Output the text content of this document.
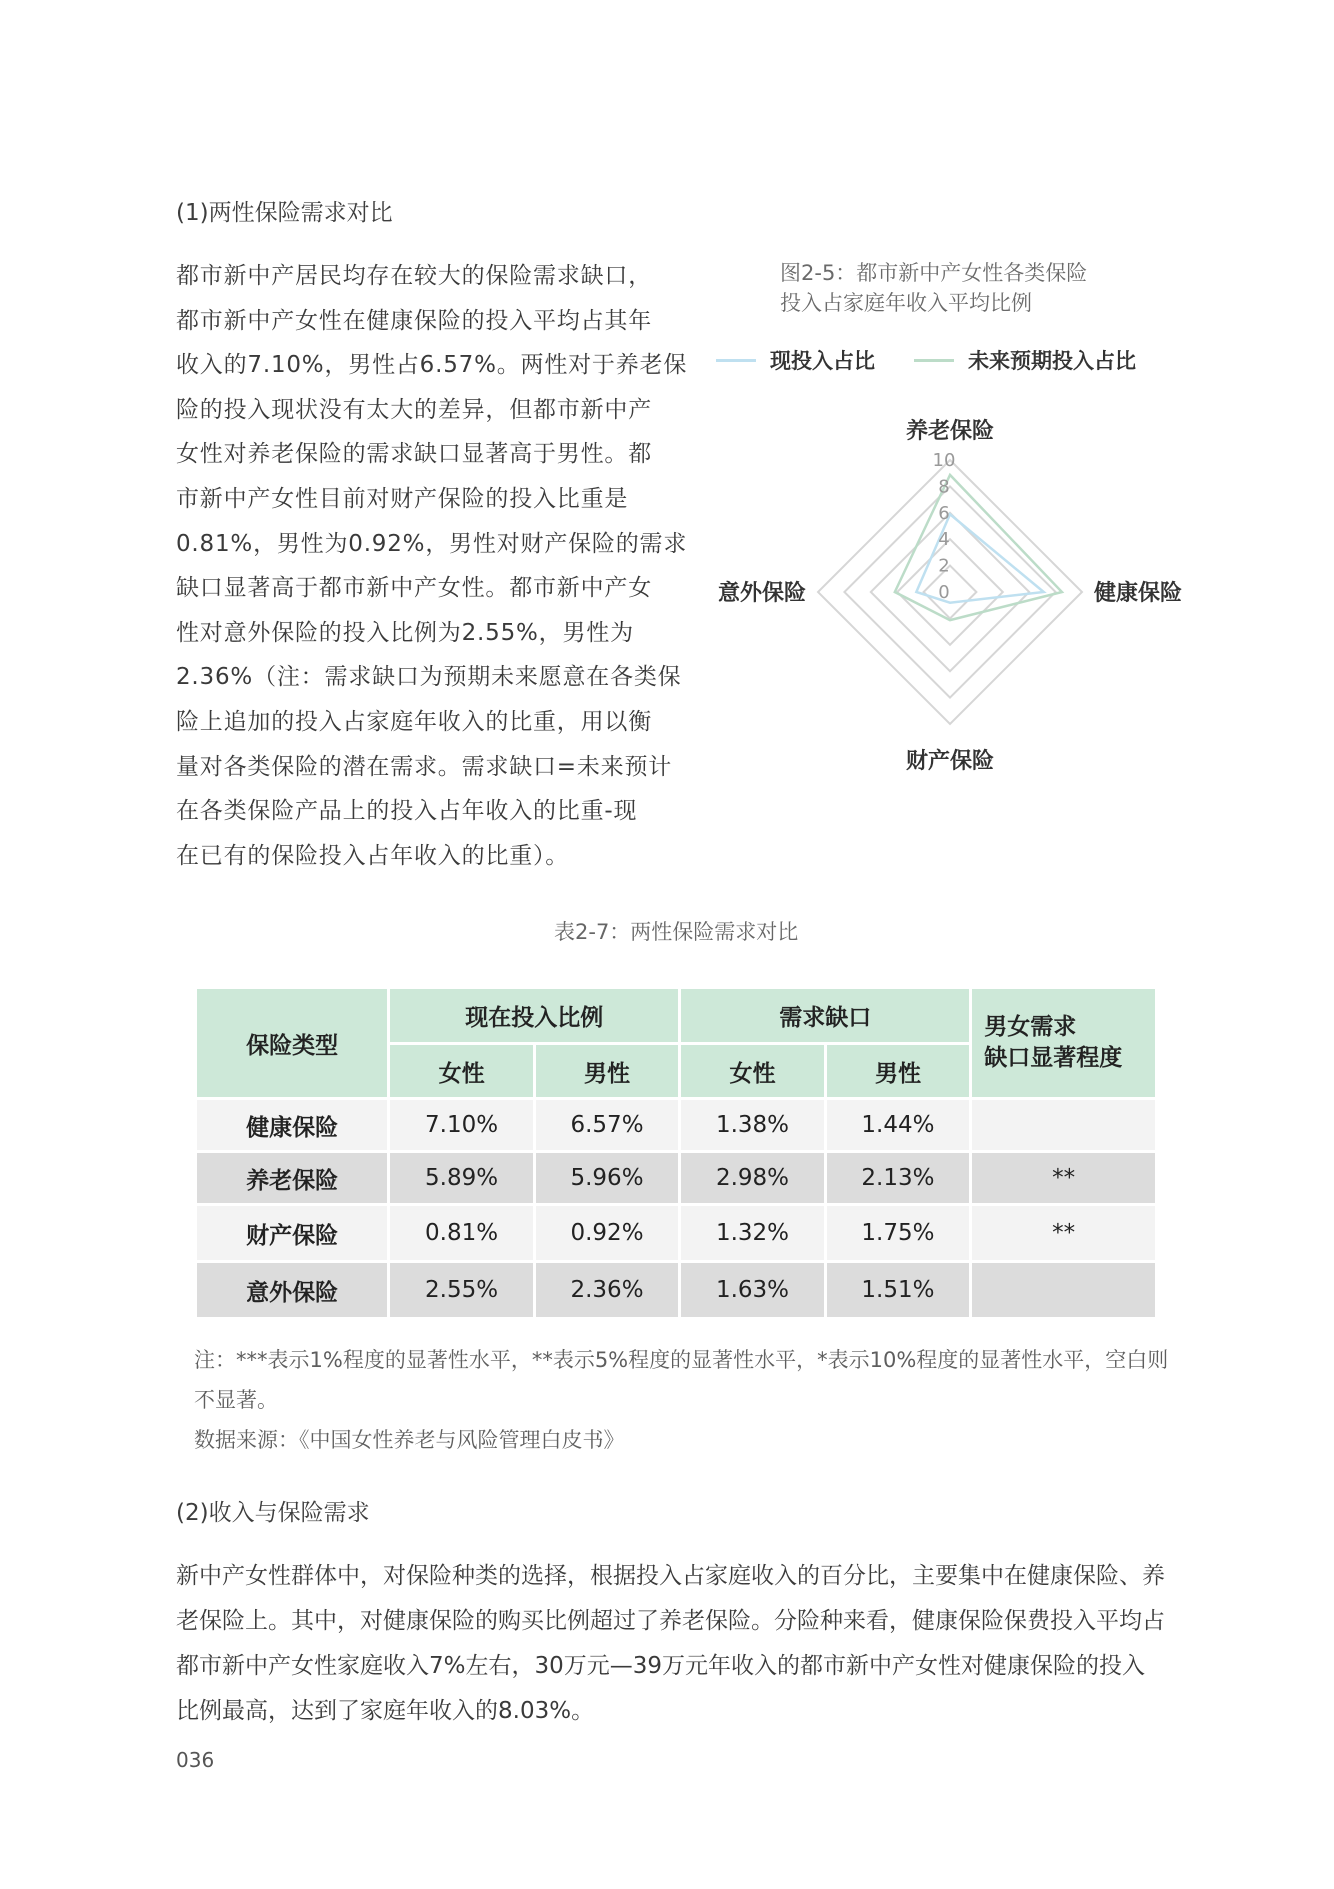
(1)两性保险需求对比
都市新中产居民均存在较大的保险需求缺口，
都市新中产女性在健康保险的投入平均占其年
收入的7.10%，男性占6.57%。两性对于养老保
险的投入现状没有太大的差异，但都市新中产
女性对养老保险的需求缺口显著高于男性。都
市新中产女性目前对财产保险的投入比重是
0.81%，男性为0.92%，男性对财产保险的需求
缺口显著高于都市新中产女性。都市新中产女
性对意外保险的投入比例为2.55%，男性为
2.36%（注：需求缺口为预期未来愿意在各类保
险上追加的投入占家庭年收入的比重，用以衡
量对各类保险的潜在需求。需求缺口=未来预计
在各类保险产品上的投入占年收入的比重-现
在已有的保险投入占年收入的比重）。
图2-5：都市新中产女性各类保险
投入占家庭年收入平均比例
现投入占比	未来预期投入占比
0
2
4
6
8
10
养老保险
健康保险
财产保险
意外保险
表2-7：两性保险需求对比
保险类型	现在投入比例		需求缺口		男女需求
缺口显著程度

	女性	男性	女性	男性	
健康保险	7.10%	6.57%	1.38%	1.44%	
养老保险	5.89%	5.96%	2.98%	2.13%	**
财产保险	0.81%	0.92%	1.32%	1.75%	**
意外保险	2.55%	2.36%	1.63%	1.51%	
注：***表示1%程度的显著性水平，**表示5%程度的显著性水平，*表示10%程度的显著性水平，空白则
不显著。
数据来源：《中国女性养老与风险管理白皮书》
(2)收入与保险需求
新中产女性群体中，对保险种类的选择，根据投入占家庭收入的百分比，主要集中在健康保险、养
老保险上。其中，对健康保险的购买比例超过了养老保险。分险种来看，健康保险保费投入平均占
都市新中产女性家庭收入7%左右，30万元—39万元年收入的都市新中产女性对健康保险的投入
比例最高，达到了家庭年收入的8.03%。
036
